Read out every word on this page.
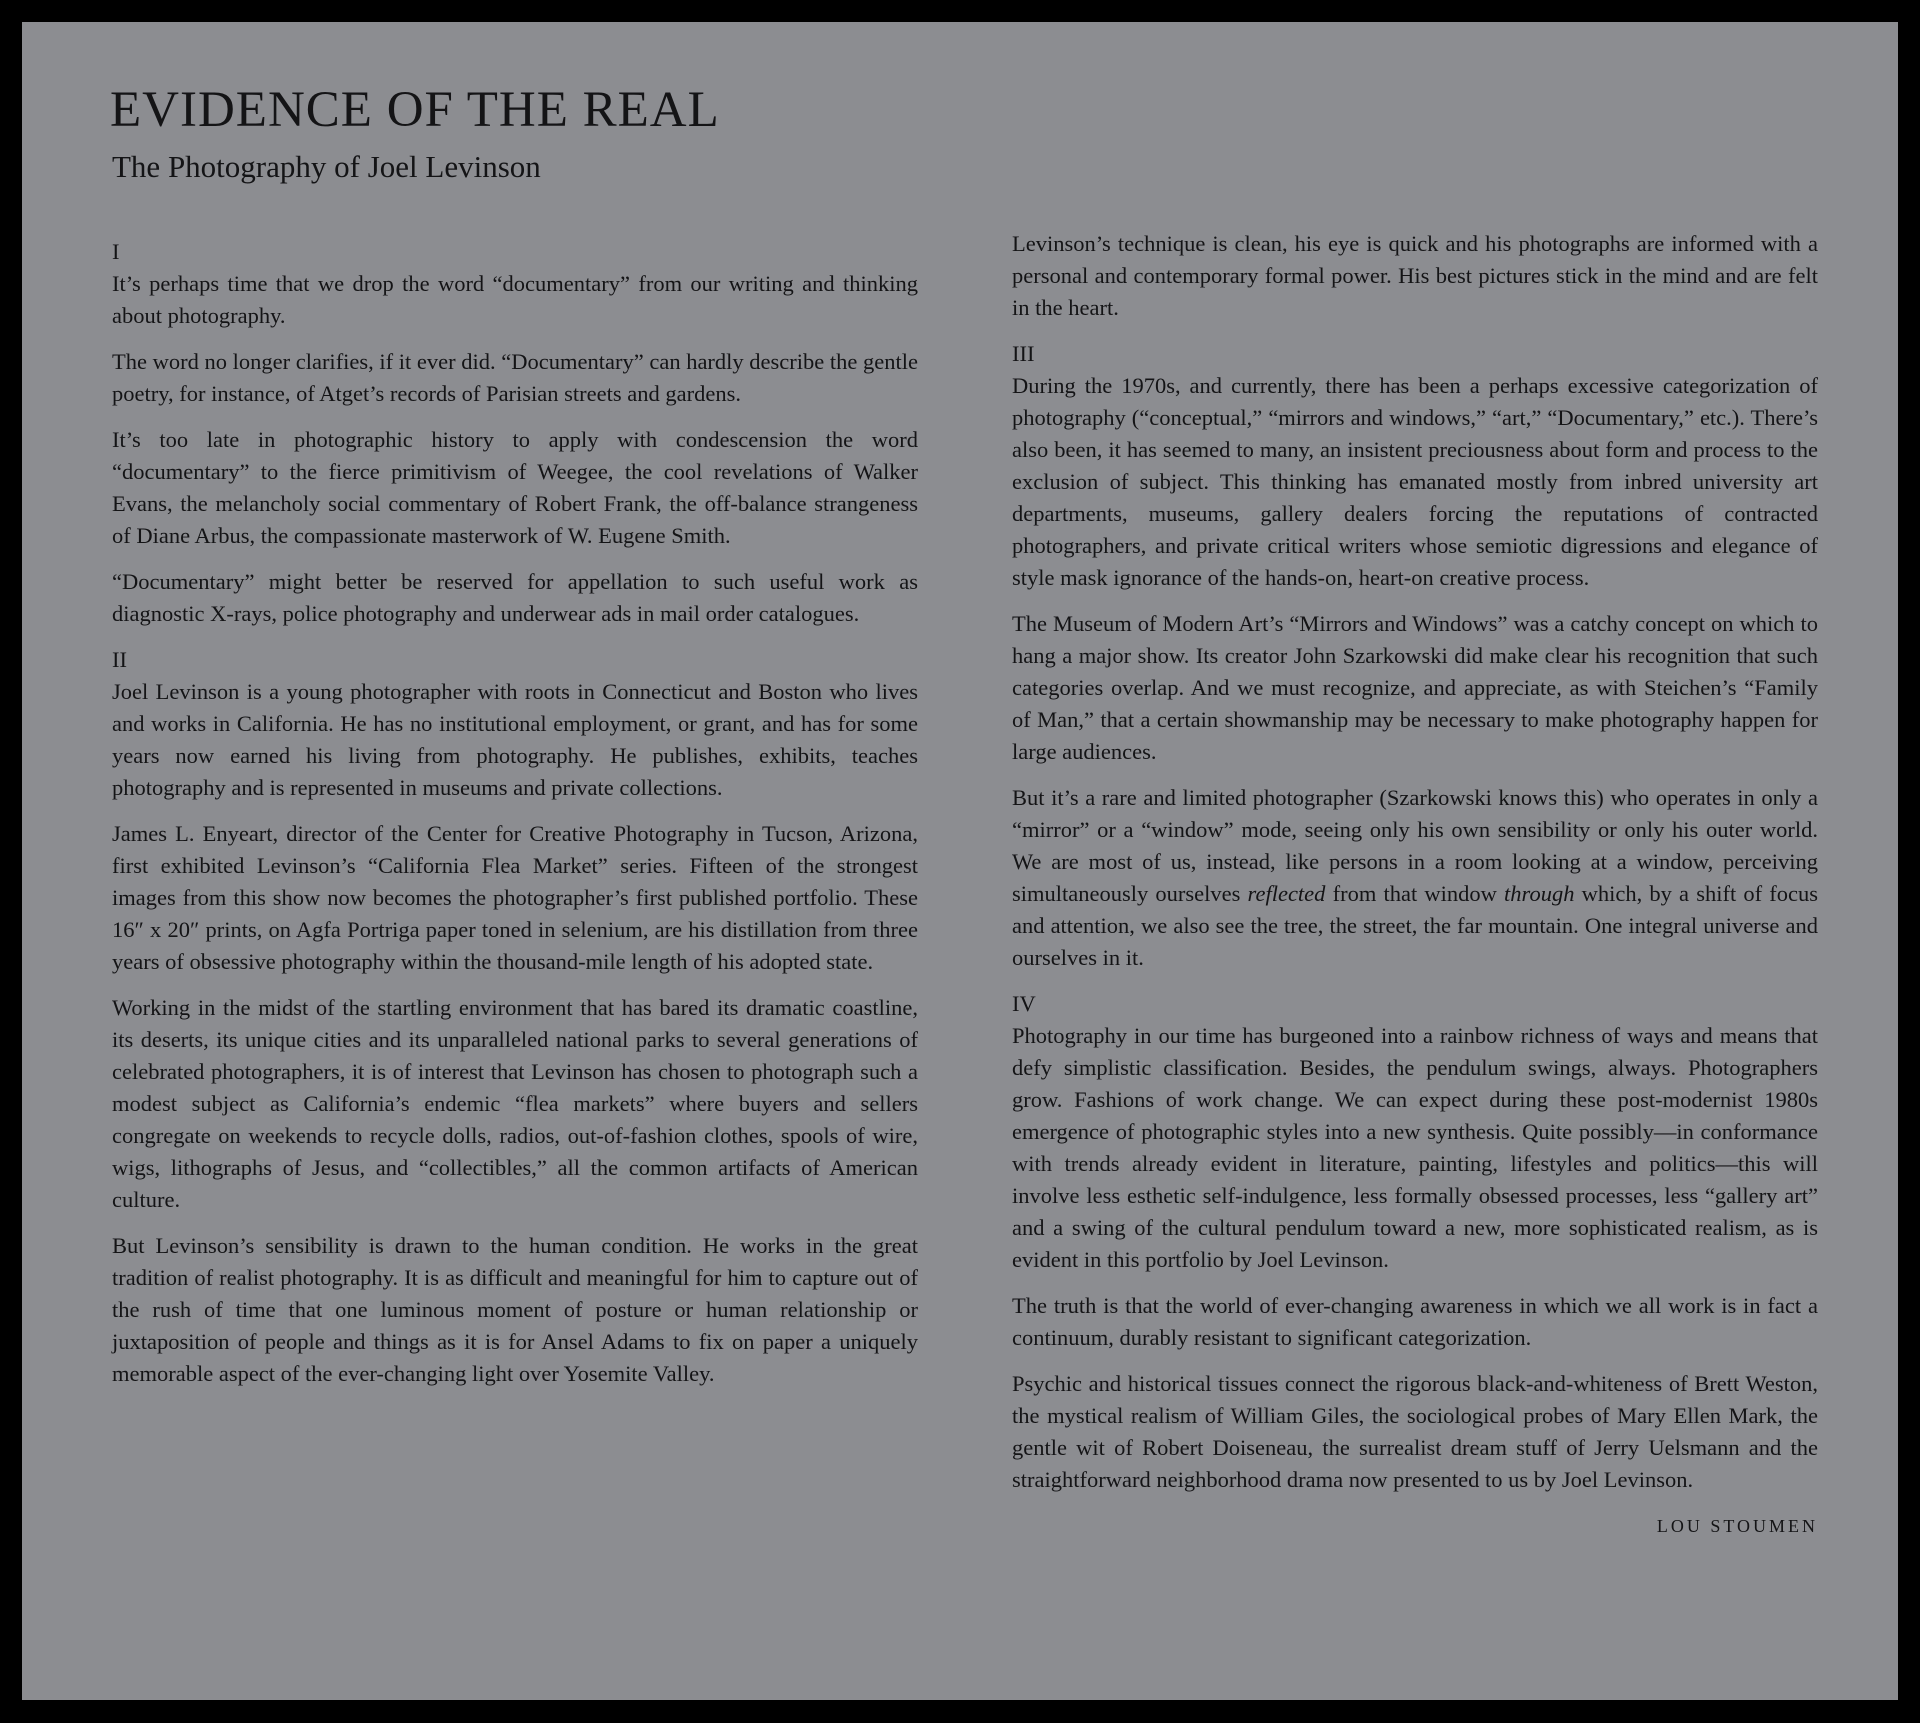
EVIDENCE OF THE REAL
The Photography of Joel Levinson
I

It’s perhaps time that we drop the word “documentary” from our writing and thinking about photography.

The word no longer clarifies, if it ever did. “Documentary” can hardly describe the gentle poetry, for instance, of Atget’s records of Parisian streets and gardens.

It’s too late in photographic history to apply with condescension the word “documentary” to the fierce primitivism of Weegee, the cool revelations of Walker Evans, the melancholy social commentary of Robert Frank, the off-balance strangeness of Diane Arbus, the compassionate masterwork of W. Eugene Smith.

“Documentary” might better be reserved for appellation to such useful work as diagnostic X-rays, police photography and underwear ads in mail order catalogues.

II

Joel Levinson is a young photographer with roots in Connecticut and Boston who lives and works in California. He has no institutional employment, or grant, and has for some years now earned his living from photography. He publishes, exhibits, teaches photography and is represented in museums and private collections.

James L. Enyeart, director of the Center for Creative Photography in Tucson, Arizona, first exhibited Levinson’s “California Flea Market” series. Fifteen of the strongest images from this show now becomes the photographer’s first published portfolio. These 16″ x 20″ prints, on Agfa Portriga paper toned in selenium, are his distillation from three years of obsessive photography within the thousand-mile length of his adopted state.

Working in the midst of the startling environment that has bared its dramatic coastline, its deserts, its unique cities and its unparalleled national parks to several generations of celebrated photographers, it is of interest that Levinson has chosen to photograph such a modest subject as California’s endemic “flea markets” where buyers and sellers congregate on weekends to recycle dolls, radios, out-of-fashion clothes, spools of wire, wigs, lithographs of Jesus, and “collectibles,” all the common artifacts of American culture.

But Levinson’s sensibility is drawn to the human condition. He works in the great tradition of realist photography. It is as difficult and meaningful for him to capture out of the rush of time that one luminous moment of posture or human relationship or juxtaposition of people and things as it is for Ansel Adams to fix on paper a uniquely memorable aspect of the ever-changing light over Yosemite Valley.

Levinson’s technique is clean, his eye is quick and his photographs are informed with a personal and contemporary formal power. His best pictures stick in the mind and are felt in the heart.

III

During the 1970s, and currently, there has been a perhaps excessive categorization of photography (“conceptual,” “mirrors and windows,” “art,” “Documentary,” etc.). There’s also been, it has seemed to many, an insistent preciousness about form and process to the exclusion of subject. This thinking has emanated mostly from inbred university art departments, museums, gallery dealers forcing the reputations of contracted photographers, and private critical writers whose semiotic digressions and elegance of style mask ignorance of the hands-on, heart-on creative process.

The Museum of Modern Art’s “Mirrors and Windows” was a catchy concept on which to hang a major show. Its creator John Szarkowski did make clear his recognition that such categories overlap. And we must recognize, and appreciate, as with Steichen’s “Family of Man,” that a certain showmanship may be necessary to make photography happen for large audiences.

But it’s a rare and limited photographer (Szarkowski knows this) who operates in only a “mirror” or a “window” mode, seeing only his own sensibility or only his outer world. We are most of us, instead, like persons in a room looking at a window, perceiving simultaneously ourselves reflected from that window through which, by a shift of focus and attention, we also see the tree, the street, the far mountain. One integral universe and ourselves in it.

IV

Photography in our time has burgeoned into a rainbow richness of ways and means that defy simplistic classification. Besides, the pendulum swings, always. Photographers grow. Fashions of work change. We can expect during these post-modernist 1980s emergence of photographic styles into a new synthesis. Quite possibly—in conformance with trends already evident in literature, painting, lifestyles and politics—this will involve less esthetic self-indulgence, less formally obsessed processes, less “gallery art” and a swing of the cultural pendulum toward a new, more sophisticated realism, as is evident in this portfolio by Joel Levinson.

The truth is that the world of ever-changing awareness in which we all work is in fact a continuum, durably resistant to significant categorization.

Psychic and historical tissues connect the rigorous black-and-whiteness of Brett Weston, the mystical realism of William Giles, the sociological probes of Mary Ellen Mark, the gentle wit of Robert Doiseneau, the surrealist dream stuff of Jerry Uelsmann and the straightforward neighborhood drama now presented to us by Joel Levinson.

LOU STOUMEN
